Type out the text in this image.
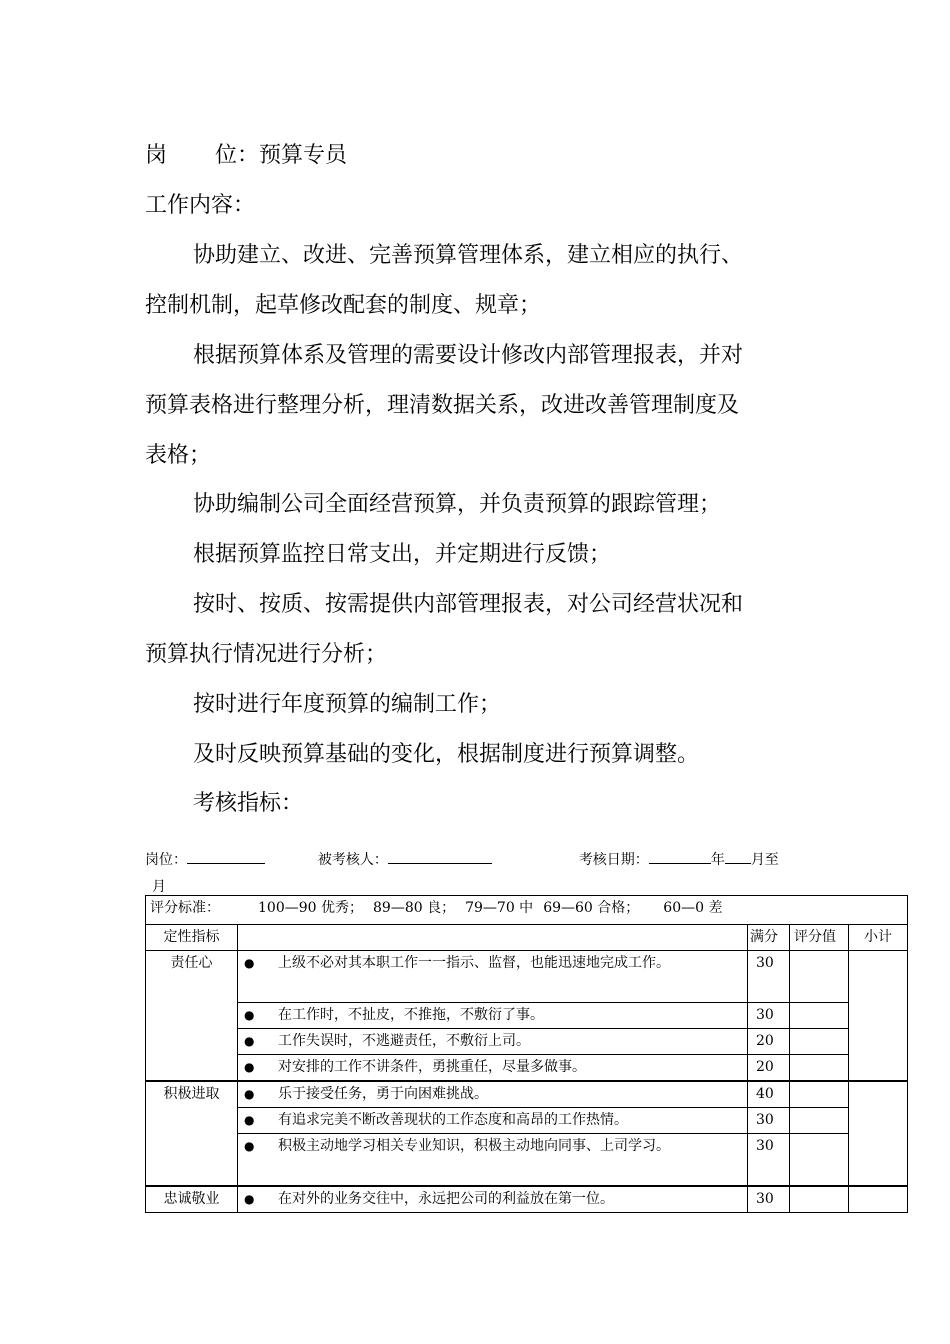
岗 位：预算专员
工作内容：
协助建立、改进、完善预算管理体系，建立相应的执行、
控制机制，起草修改配套的制度、规章；
根据预算体系及管理的需要设计修改内部管理报表，并对
预算表格进行整理分析，理清数据关系，改进改善管理制度及
表格；
协助编制公司全面经营预算，并负责预算的跟踪管理；
根据预算监控日常支出，并定期进行反馈；
按时、按质、按需提供内部管理报表，对公司经营状况和
预算执行情况进行分析；
按时进行年度预算的编制工作；
及时反映预算基础的变化，根据制度进行预算调整。
考核指标：
岗位：	被考核人：	考核日期：	年 月至
月
评分标准： 100—90 优秀； 89—80 良； 79—70 中 69—60 合格； 60—0 差				
定性指标		满分	评分值	小计
责任心	● 上级不必对其本职工作一一指示、监督，也能迅速地完成工作。	30		
	● 在工作时，不扯皮，不推拖，不敷衍了事。	30		
	● 工作失误时，不逃避责任，不敷衍上司。	20		
	● 对安排的工作不讲条件，勇挑重任，尽量多做事。	20		
积极进取	● 乐于接受任务，勇于向困难挑战。	40		
	● 有追求完美不断改善现状的工作态度和高昂的工作热情。	30		
	● 积极主动地学习相关专业知识，积极主动地向同事、上司学习。	30		
忠诚敬业	● 在对外的业务交往中，永远把公司的利益放在第一位。	30		
